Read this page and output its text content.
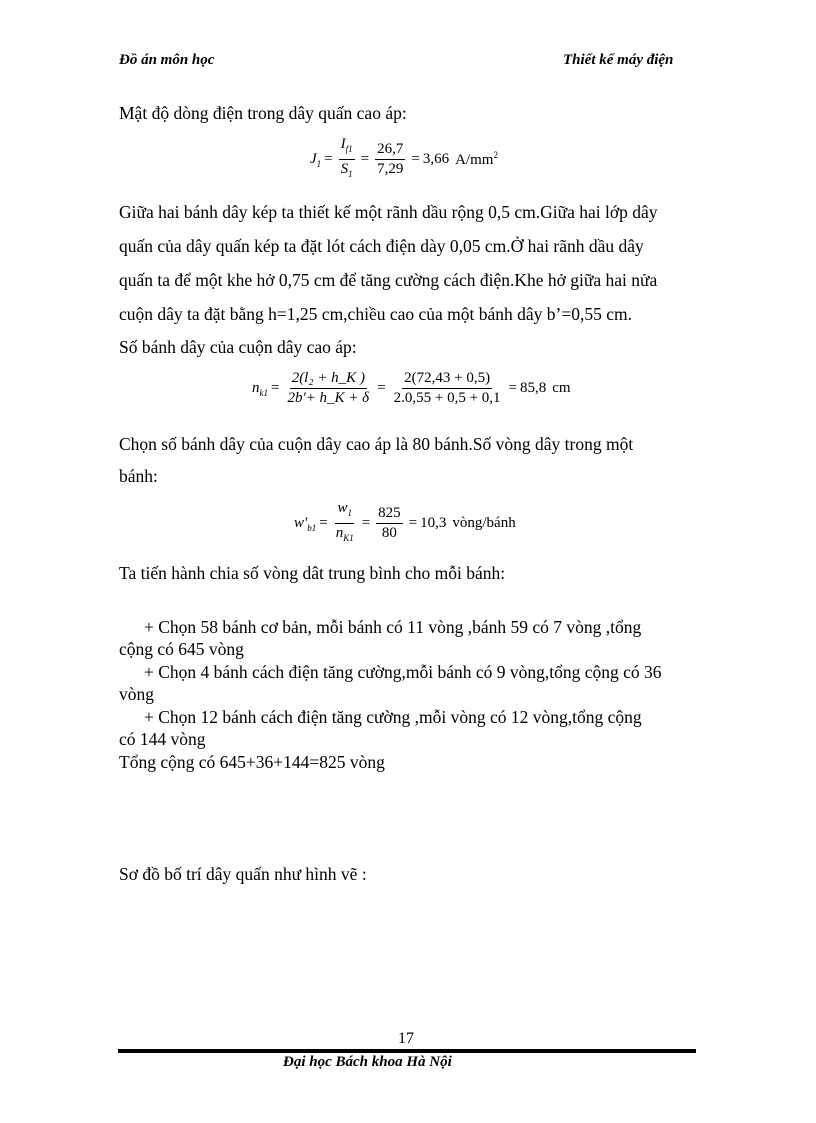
Đồ án môn học	Thiết kế máy điện
Mật độ dòng điện trong dây quấn cao áp:
$J_1 = \frac{I_{f1}}{S_1} = \frac{26,7}{7,29} = 3,66$ $A/mm^2$
Giữa hai bánh dây kép ta thiết kế một rãnh dầu rộng 0,5 cm.Giữa hai lớp dây
quấn của dây quấn kép ta đặt lót cách điện dày 0,05 cm.Ở hai rãnh dầu dây
quấn ta để một khe hở 0,75 cm để tăng cường cách điện.Khe hở giữa hai nửa
cuộn dây ta đặt bằng h=1,25 cm,chiều cao của một bánh dây b’=0,55 cm.
Số bánh dây của cuộn dây cao áp:
$n_{k1} = \frac{\text{2(l₂ + h\_K )}}{2b'+ h\_K + \delta} = \frac{2(72,43 + 0,5)}{2.0,55 + 0,5 + 0,1} = 85,8$ cm
Chọn số bánh dây của cuộn dây cao áp là 80 bánh.Số vòng dây trong một
bánh:
$w'_{b1} = \frac{w_1}{n_{K1}} = \frac{825}{80} = 10,3$ vòng/bánh
Ta tiến hành chia số vòng dât trung bình cho mỗi bánh:
+ Chọn 58 bánh cơ bản, mỗi bánh có 11 vòng ,bánh 59 có 7 vòng ,tổng
cộng có 645 vòng
+ Chọn 4 bánh cách điện tăng cường,mỗi bánh có 9 vòng,tổng cộng có 36
vòng
+ Chọn 12 bánh cách điện tăng cường ,mỗi vòng có 12 vòng,tổng cộng
có 144 vòng
Tổng cộng có 645+36+144=825 vòng
Sơ đồ bố trí dây quấn như hình vẽ :
17
Đại học Bách khoa Hà Nội
